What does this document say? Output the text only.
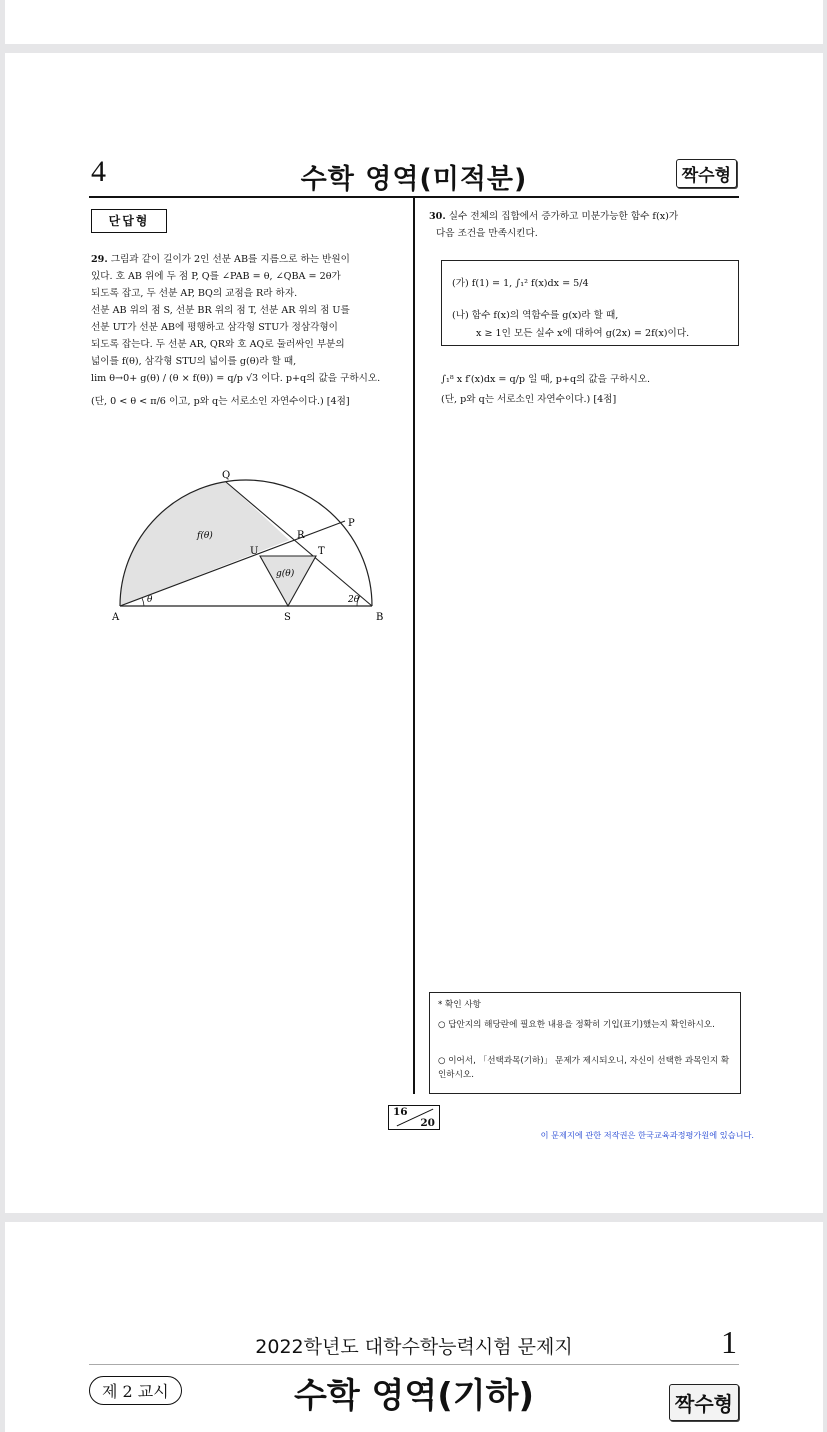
4	수학 영역(미적분)	짝수형
단답형
29. 그림과 같이 길이가 2인 선분 AB를 지름으로 하는 반원이
있다. 호 AB 위에 두 점 P, Q를 ∠PAB = θ, ∠QBA = 2θ가
되도록 잡고, 두 선분 AP, BQ의 교점을 R라 하자.
선분 AB 위의 점 S, 선분 BR 위의 점 T, 선분 AR 위의 점 U를
선분 UT가 선분 AB에 평행하고 삼각형 STU가 정삼각형이
되도록 잡는다. 두 선분 AR, QR와 호 AQ로 둘러싸인 부분의
넓이를 f(θ), 삼각형 STU의 넓이를 g(θ)라 할 때,
lim θ→0+ g(θ) / (θ × f(θ)) = q/p √3 이다. p+q의 값을 구하시오.
(단, 0 < θ < π/6 이고, p와 q는 서로소인 자연수이다.) [4점]
A	B
P
Q
R
S
T
U
f(θ)
g(θ)
θ	2θ
30. 실수 전체의 집합에서 증가하고 미분가능한 함수 f(x)가
다음 조건을 만족시킨다.
(가) f(1) = 1, ∫₁² f(x)dx = 5/4
(나) 함수 f(x)의 역함수를 g(x)라 할 때,
x ≥ 1인 모든 실수 x에 대하여 g(2x) = 2f(x)이다.
∫₁⁸ x f′(x)dx = q/p 일 때, p+q의 값을 구하시오.
(단, p와 q는 서로소인 자연수이다.) [4점]
* 확인 사항
○ 답안지의 해당란에 필요한 내용을 정확히 기입(표기)했는지 확인하시오.
○ 이어서, 「선택과목(기하)」 문제가 제시되오니, 자신이 선택한 과목인지 확인하시오.
16
20
이 문제지에 관한 저작권은 한국교육과정평가원에 있습니다.
2022학년도 대학수학능력시험 문제지	1
제 2 교시	수학 영역(기하)	짝수형
